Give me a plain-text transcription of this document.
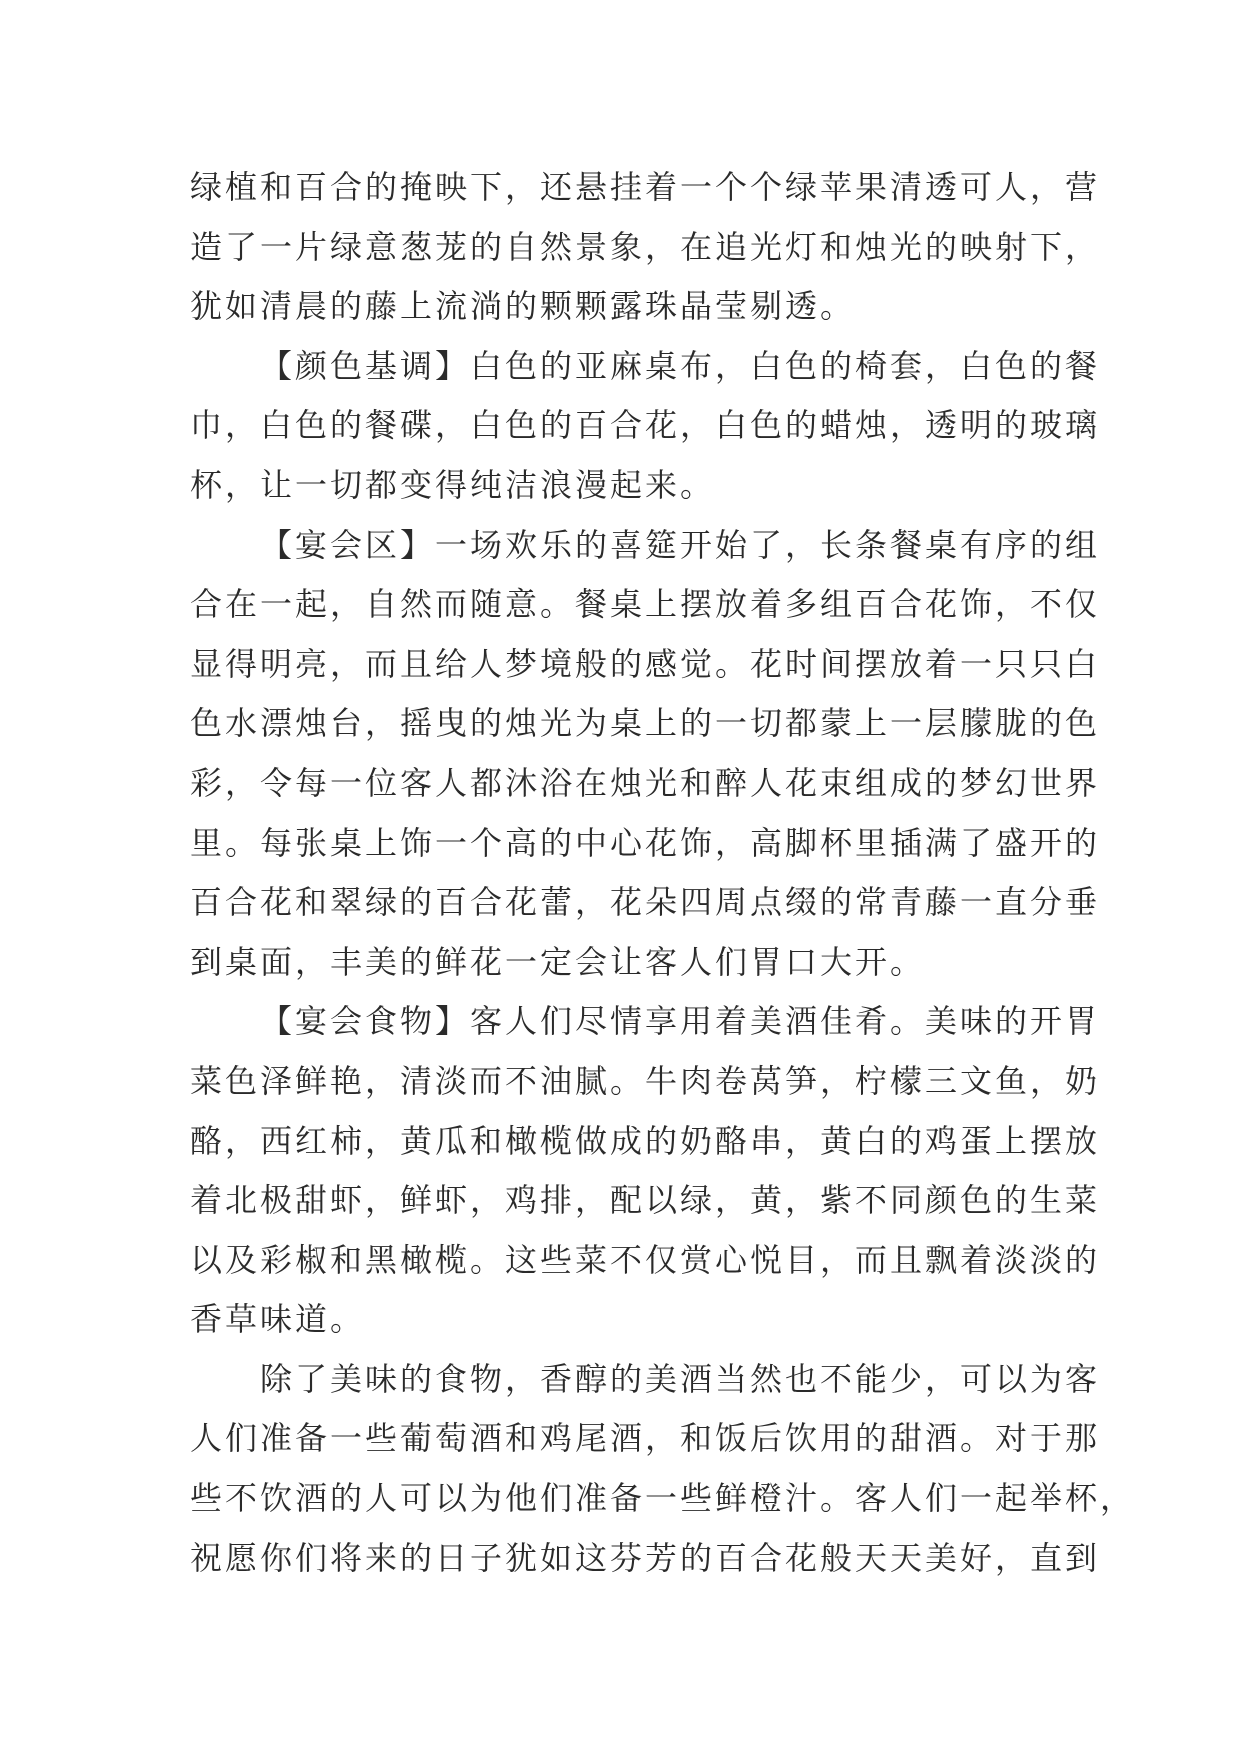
绿植和百合的掩映下，还悬挂着一个个绿苹果清透可人，营
造了一片绿意葱茏的自然景象，在追光灯和烛光的映射下，
犹如清晨的藤上流淌的颗颗露珠晶莹剔透。
【颜色基调】白色的亚麻桌布，白色的椅套，白色的餐
巾，白色的餐碟，白色的百合花，白色的蜡烛，透明的玻璃
杯，让一切都变得纯洁浪漫起来。
【宴会区】一场欢乐的喜筵开始了，长条餐桌有序的组
合在一起，自然而随意。餐桌上摆放着多组百合花饰，不仅
显得明亮，而且给人梦境般的感觉。花时间摆放着一只只白
色水漂烛台，摇曳的烛光为桌上的一切都蒙上一层朦胧的色
彩，令每一位客人都沐浴在烛光和醉人花束组成的梦幻世界
里。每张桌上饰一个高的中心花饰，高脚杯里插满了盛开的
百合花和翠绿的百合花蕾，花朵四周点缀的常青藤一直分垂
到桌面，丰美的鲜花一定会让客人们胃口大开。
【宴会食物】客人们尽情享用着美酒佳肴。美味的开胃
菜色泽鲜艳，清淡而不油腻。牛肉卷莴笋，柠檬三文鱼，奶
酪，西红柿，黄瓜和橄榄做成的奶酪串，黄白的鸡蛋上摆放
着北极甜虾，鲜虾，鸡排，配以绿，黄，紫不同颜色的生菜
以及彩椒和黑橄榄。这些菜不仅赏心悦目，而且飘着淡淡的
香草味道。
除了美味的食物，香醇的美酒当然也不能少，可以为客
人们准备一些葡萄酒和鸡尾酒，和饭后饮用的甜酒。对于那
些不饮酒的人可以为他们准备一些鲜橙汁。客人们一起举杯，
祝愿你们将来的日子犹如这芬芳的百合花般天天美好，直到
